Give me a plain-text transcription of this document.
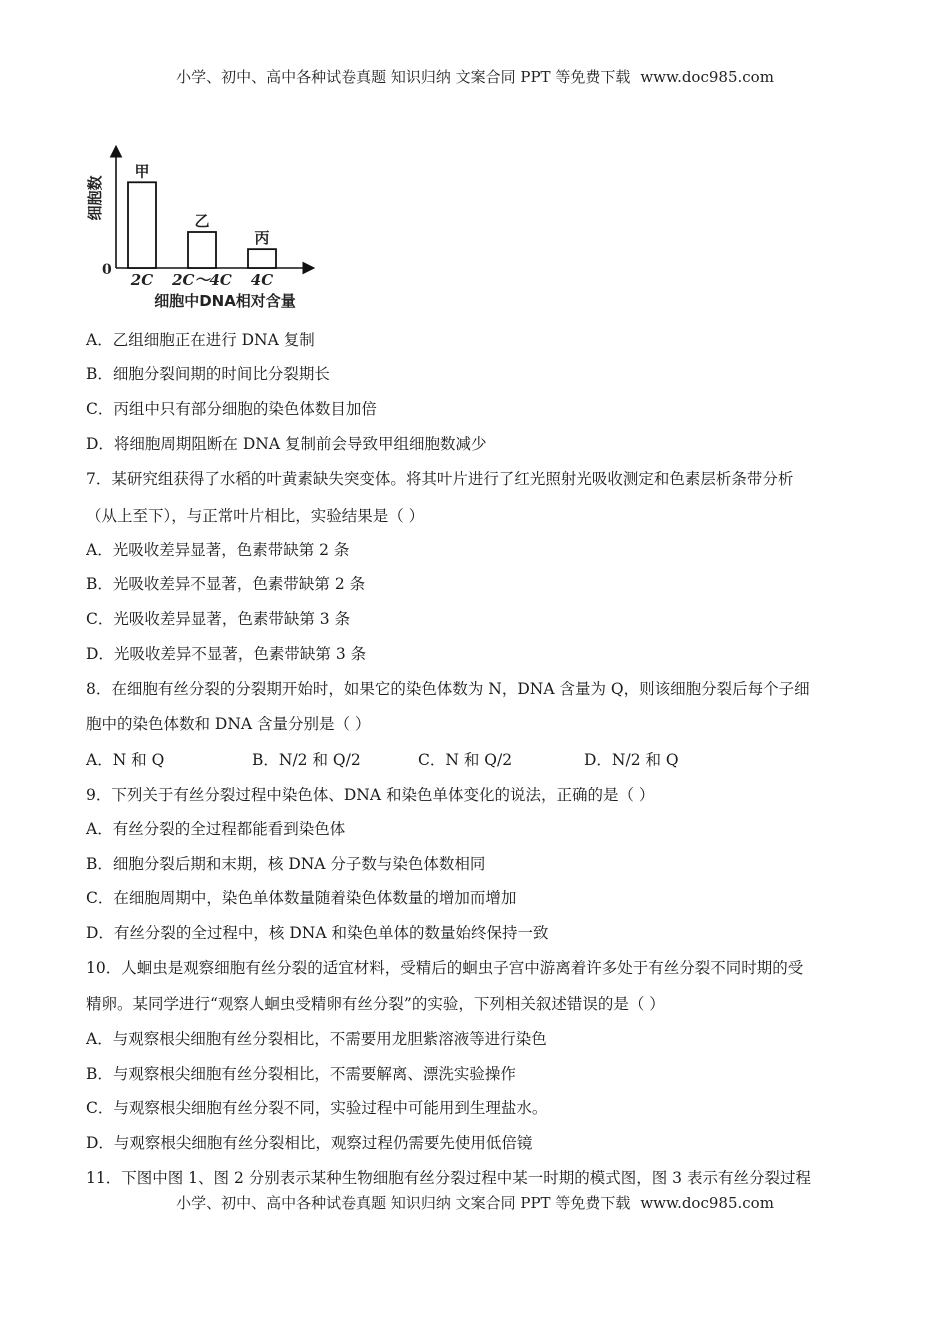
小学、初中、高中各种试卷真题 知识归纳 文案合同 PPT 等免费下载 www.doc985.com
细胞数
0
甲
2C
乙
2C～4C
丙
4C
细胞中DNA相对含量
A．乙组细胞正在进行 DNA 复制
B．细胞分裂间期的时间比分裂期长
C．丙组中只有部分细胞的染色体数目加倍
D．将细胞周期阻断在 DNA 复制前会导致甲组细胞数减少
7．某研究组获得了水稻的叶黄素缺失突变体。将其叶片进行了红光照射光吸收测定和色素层析条带分析
（从上至下），与正常叶片相比，实验结果是（ ）
A．光吸收差异显著，色素带缺第 2 条
B．光吸收差异不显著，色素带缺第 2 条
C．光吸收差异显著，色素带缺第 3 条
D．光吸收差异不显著，色素带缺第 3 条
8．在细胞有丝分裂的分裂期开始时，如果它的染色体数为 N，DNA 含量为 Q，则该细胞分裂后每个子细
胞中的染色体数和 DNA 含量分别是（ ）
A．N 和 Q	B．N/2 和 Q/2	C．N 和 Q/2	D．N/2 和 Q
9．下列关于有丝分裂过程中染色体、DNA 和染色单体变化的说法，正确的是（ ）
A．有丝分裂的全过程都能看到染色体
B．细胞分裂后期和末期，核 DNA 分子数与染色体数相同
C．在细胞周期中，染色单体数量随着染色体数量的增加而增加
D．有丝分裂的全过程中，核 DNA 和染色单体的数量始终保持一致
10．人蛔虫是观察细胞有丝分裂的适宜材料，受精后的蛔虫子宫中游离着许多处于有丝分裂不同时期的受
精卵。某同学进行“观察人蛔虫受精卵有丝分裂”的实验，下列相关叙述错误的是（ ）
A．与观察根尖细胞有丝分裂相比，不需要用龙胆紫溶液等进行染色
B．与观察根尖细胞有丝分裂相比，不需要解离、漂洗实验操作
C．与观察根尖细胞有丝分裂不同，实验过程中可能用到生理盐水。
D．与观察根尖细胞有丝分裂相比，观察过程仍需要先使用低倍镜
11．下图中图 1、图 2 分别表示某种生物细胞有丝分裂过程中某一时期的模式图，图 3 表示有丝分裂过程
小学、初中、高中各种试卷真题 知识归纳 文案合同 PPT 等免费下载 www.doc985.com
